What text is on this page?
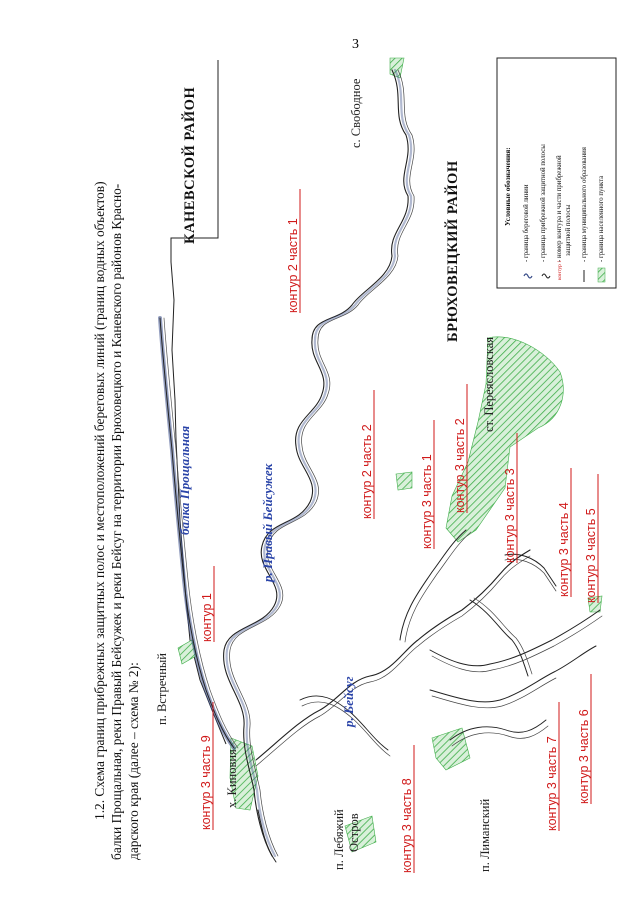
3
1.2. Схема границ прибрежных защитных полос и местоположений береговых линий (границ водных объектов) балки Прощальная, реки Правый Бейсужек и реки Бейсуг на территории Брюховецкого и Каневского районов Красно- дарского края (далее – схема № 2):
контур 1
контур 2 часть 1
контур 2 часть 2	контур 3 часть 1 контур 3 часть 2
контур 3 часть 3	контур 3 часть 4 контур 3 часть 5
контур 3 часть 6
контур 3 часть 7
контур 3 часть 8
контур 3 часть 9
балка Прощальная	р. Правый Бейсужек
р. Бейсуг
п. Встречный
х. Киновия
п. Лебяжий Остров	п. Лиманский
ст. Переясловская
с. Свободное
КАНЕВСКОЙ РАЙОН	БРЮХОВЕЦКИЙ РАЙОН	Условные обозначения: - граница береговой линии - граница прибрежной защитной полосы
контур 1
- номер контура и части прибрежной защитной полосы - граница муниципального образования - граница населенного пункта
